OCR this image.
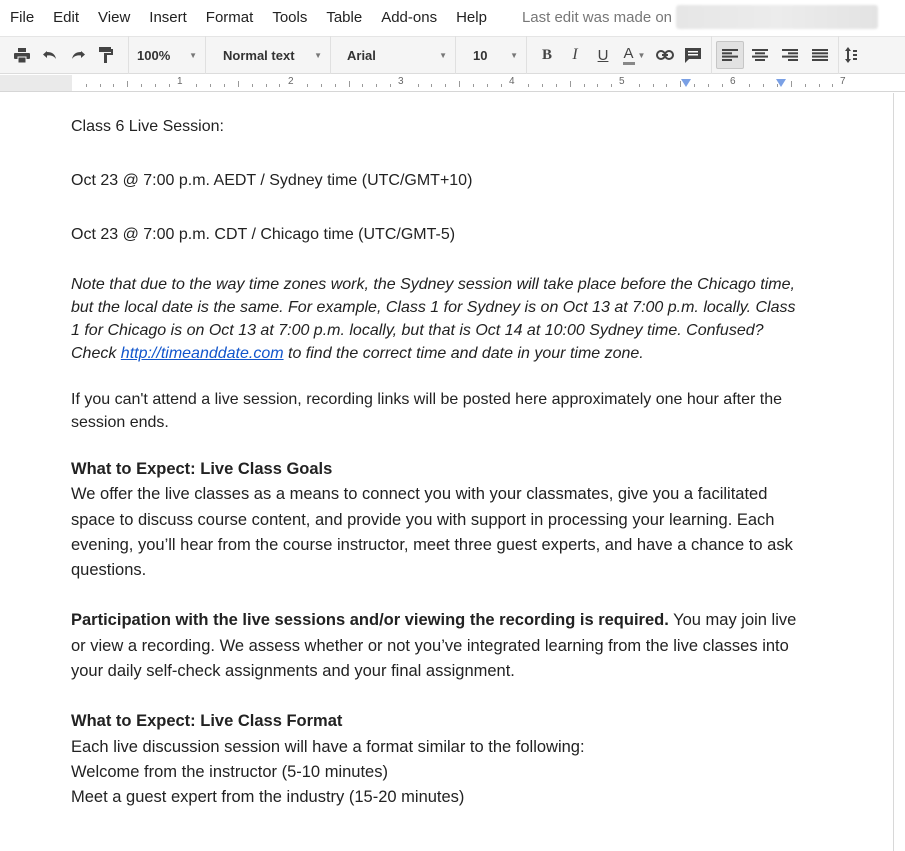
File Edit View Insert Format Tools Table Add-ons Help Last edit was made on
100% ▼ Normal text ▼ Arial	▼ 10	▼ B I U A ▼
1	2	3	4	5	6	7
Class 6 Live Session:
Oct 23 @ 7:00 p.m. AEDT / Sydney time (UTC/GMT+10)
Oct 23 @ 7:00 p.m. CDT / Chicago time (UTC/GMT-5)
Note that due to the way time zones work, the Sydney session will take place before the Chicago time, but the local date is the same. For example, Class 1 for Sydney is on Oct 13 at 7:00 p.m. locally. Class 1 for Chicago is on Oct 13 at 7:00 p.m. locally, but that is Oct 14 at 10:00 Sydney time. Confused? Check http://timeanddate.com to find the correct time and date in your time zone.
If you can't attend a live session, recording links will be posted here approximately one hour after the session ends.
What to Expect: Live Class Goals
We offer the live classes as a means to connect you with your classmates, give you a facilitated space to discuss course content, and provide you with support in processing your learning. Each evening, you’ll hear from the course instructor, meet three guest experts, and have a chance to ask questions.
Participation with the live sessions and/or viewing the recording is required. You may join live or view a recording. We assess whether or not you’ve integrated learning from the live classes into your daily self-check assignments and your final assignment.
What to Expect: Live Class Format
Each live discussion session will have a format similar to the following:
Welcome from the instructor (5-10 minutes)
Meet a guest expert from the industry (15-20 minutes)
